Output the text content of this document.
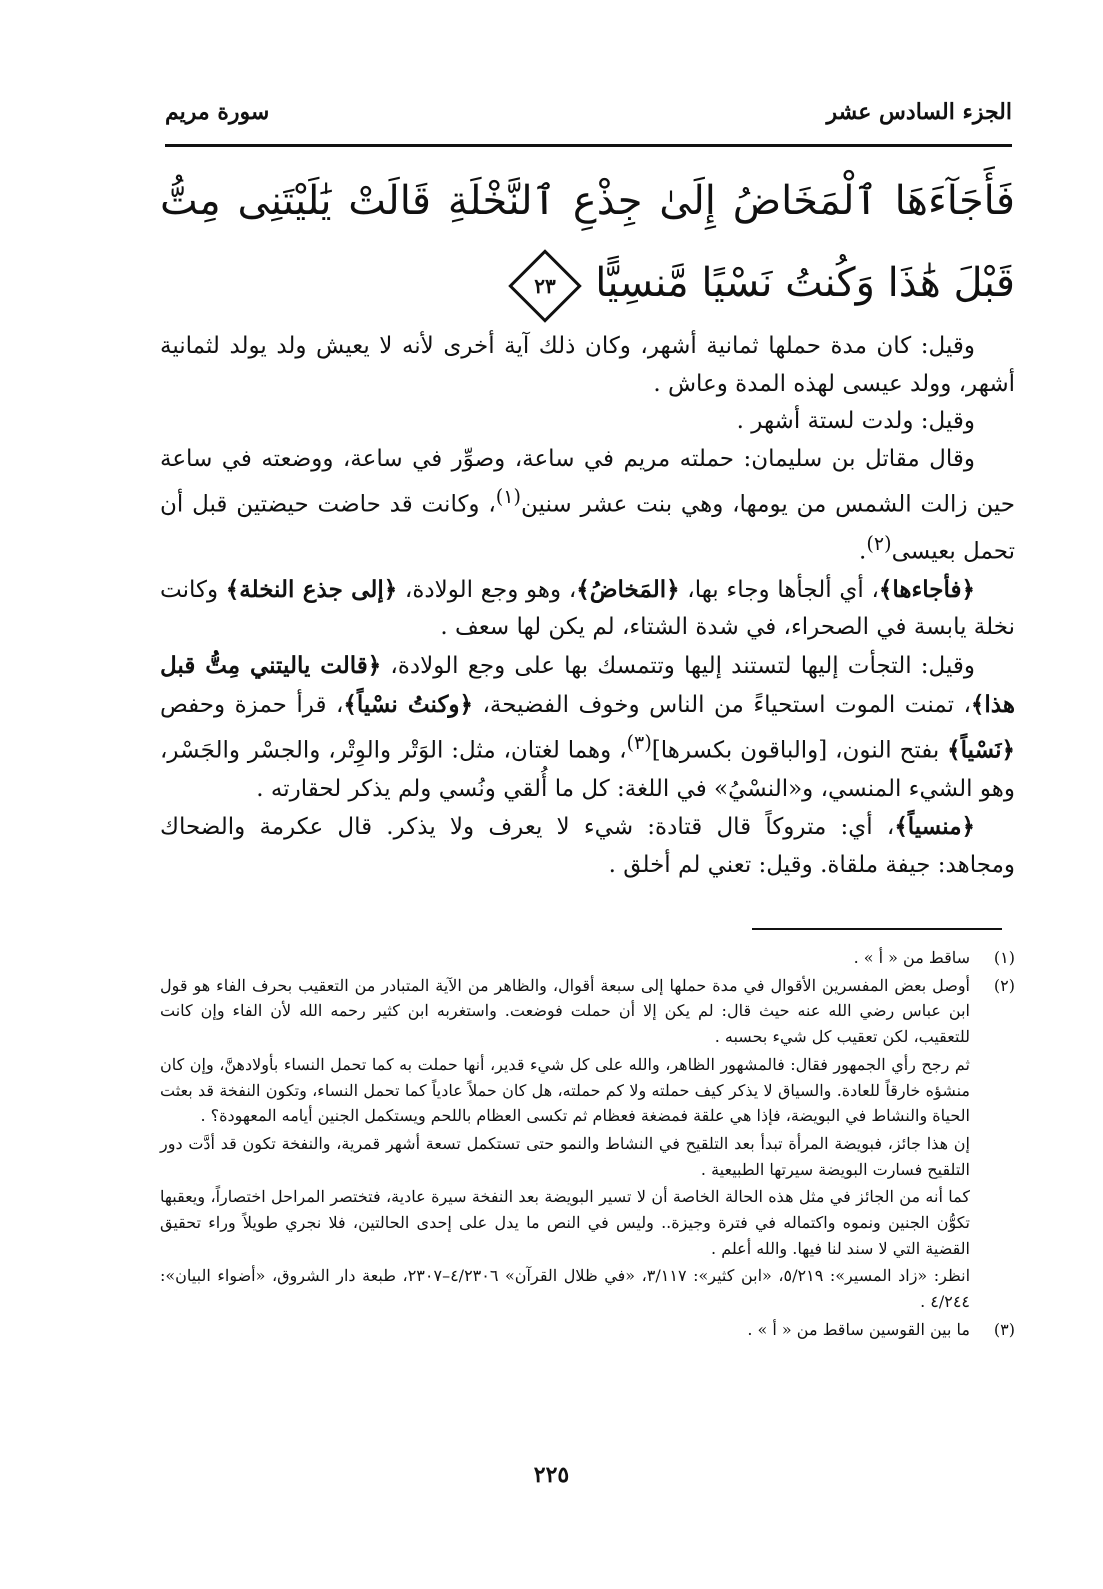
الجزء السادس عشر
سورة مريم
فَأَجَآءَهَا ٱلْمَخَاضُ إِلَىٰ جِذْعِ ٱلنَّخْلَةِ قَالَتْ يَٰلَيْتَنِى مِتُّ قَبْلَ هَٰذَا وَكُنتُ نَسْيًا مَّنسِيًّا
٢٣

وقيل: كان مدة حملها ثمانية أشهر، وكان ذلك آية أخرى لأنه لا يعيش ولد يولد لثمانية أشهر، وولد عيسى لهذه المدة وعاش .

وقيل: ولدت لستة أشهر .

وقال مقاتل بن سليمان: حملته مريم في ساعة، وصوِّر في ساعة، ووضعته في ساعة حين زالت الشمس من يومها، وهي بنت عشر سنين$^{(١)}$، وكانت قد حاضت حيضتين قبل أن تحمل بعيسى$^{(٢)}$.

﴿فأجاءها﴾، أي ألجأها وجاء بها، ﴿المَخاضُ﴾، وهو وجع الولادة، ﴿إلى جذع النخلة﴾ وكانت نخلة يابسة في الصحراء، في شدة الشتاء، لم يكن لها سعف .

وقيل: التجأت إليها لتستند إليها وتتمسك بها على وجع الولادة، ﴿قالت ياليتني مِتُّ قبل هذا﴾، تمنت الموت استحياءً من الناس وخوف الفضيحة، ﴿وكنتُ نسْياً﴾، قرأ حمزة وحفص ﴿نَسْياً﴾ بفتح النون، [والباقون بكسرها]$^{(٣)}$، وهما لغتان، مثل: الوَتْر والوِتْر، والجسْر والجَسْر، وهو الشيء المنسي، و«النسْيُ» في اللغة: كل ما أُلقي ونُسي ولم يذكر لحقارته .

﴿منسياً﴾، أي: متروكاً قال قتادة: شيء لا يعرف ولا يذكر. قال عكرمة والضحاك ومجاهد: جيفة ملقاة. وقيل: تعني لم أخلق .

(١)

ساقط من « أ » .

(٢)

أوصل بعض المفسرين الأقوال في مدة حملها إلى سبعة أقوال، والظاهر من الآية المتبادر من التعقيب بحرف الفاء هو قول ابن عباس رضي الله عنه حيث قال: لم يكن إلا أن حملت فوضعت. واستغربه ابن كثير رحمه الله لأن الفاء وإن كانت للتعقيب، لكن تعقيب كل شيء بحسبه .

ثم رجح رأي الجمهور فقال: فالمشهور الظاهر، والله على كل شيء قدير، أنها حملت به كما تحمل النساء بأولادهنَّ، وإن كان منشؤه خارقاً للعادة. والسياق لا يذكر كيف حملته ولا كم حملته، هل كان حملاً عادياً كما تحمل النساء، وتكون النفخة قد بعثت الحياة والنشاط في البويضة، فإذا هي علقة فمضغة فعظام ثم تكسى العظام باللحم ويستكمل الجنين أيامه المعهودة؟ .

إن هذا جائز، فبويضة المرأة تبدأ بعد التلقيح في النشاط والنمو حتى تستكمل تسعة أشهر قمرية، والنفخة تكون قد أدَّت دور التلقيح فسارت البويضة سيرتها الطبيعية .

كما أنه من الجائز في مثل هذه الحالة الخاصة أن لا تسير البويضة بعد النفخة سيرة عادية، فتختصر المراحل اختصاراً، ويعقبها تكوُّن الجنين ونموه واكتماله في فترة وجيزة.. وليس في النص ما يدل على إحدى الحالتين، فلا نجري طويلاً وراء تحقيق القضية التي لا سند لنا فيها. والله أعلم .

انظر: «زاد المسير»: ٥/٢١٩، «ابن كثير»: ٣/١١٧، «في ظلال القرآن» ٤/٢٣٠٦–٢٣٠٧، طبعة دار الشروق، «أضواء البيان»: ٤/٢٤٤ .

(٣)

ما بين القوسين ساقط من « أ » .

٢٢٥
